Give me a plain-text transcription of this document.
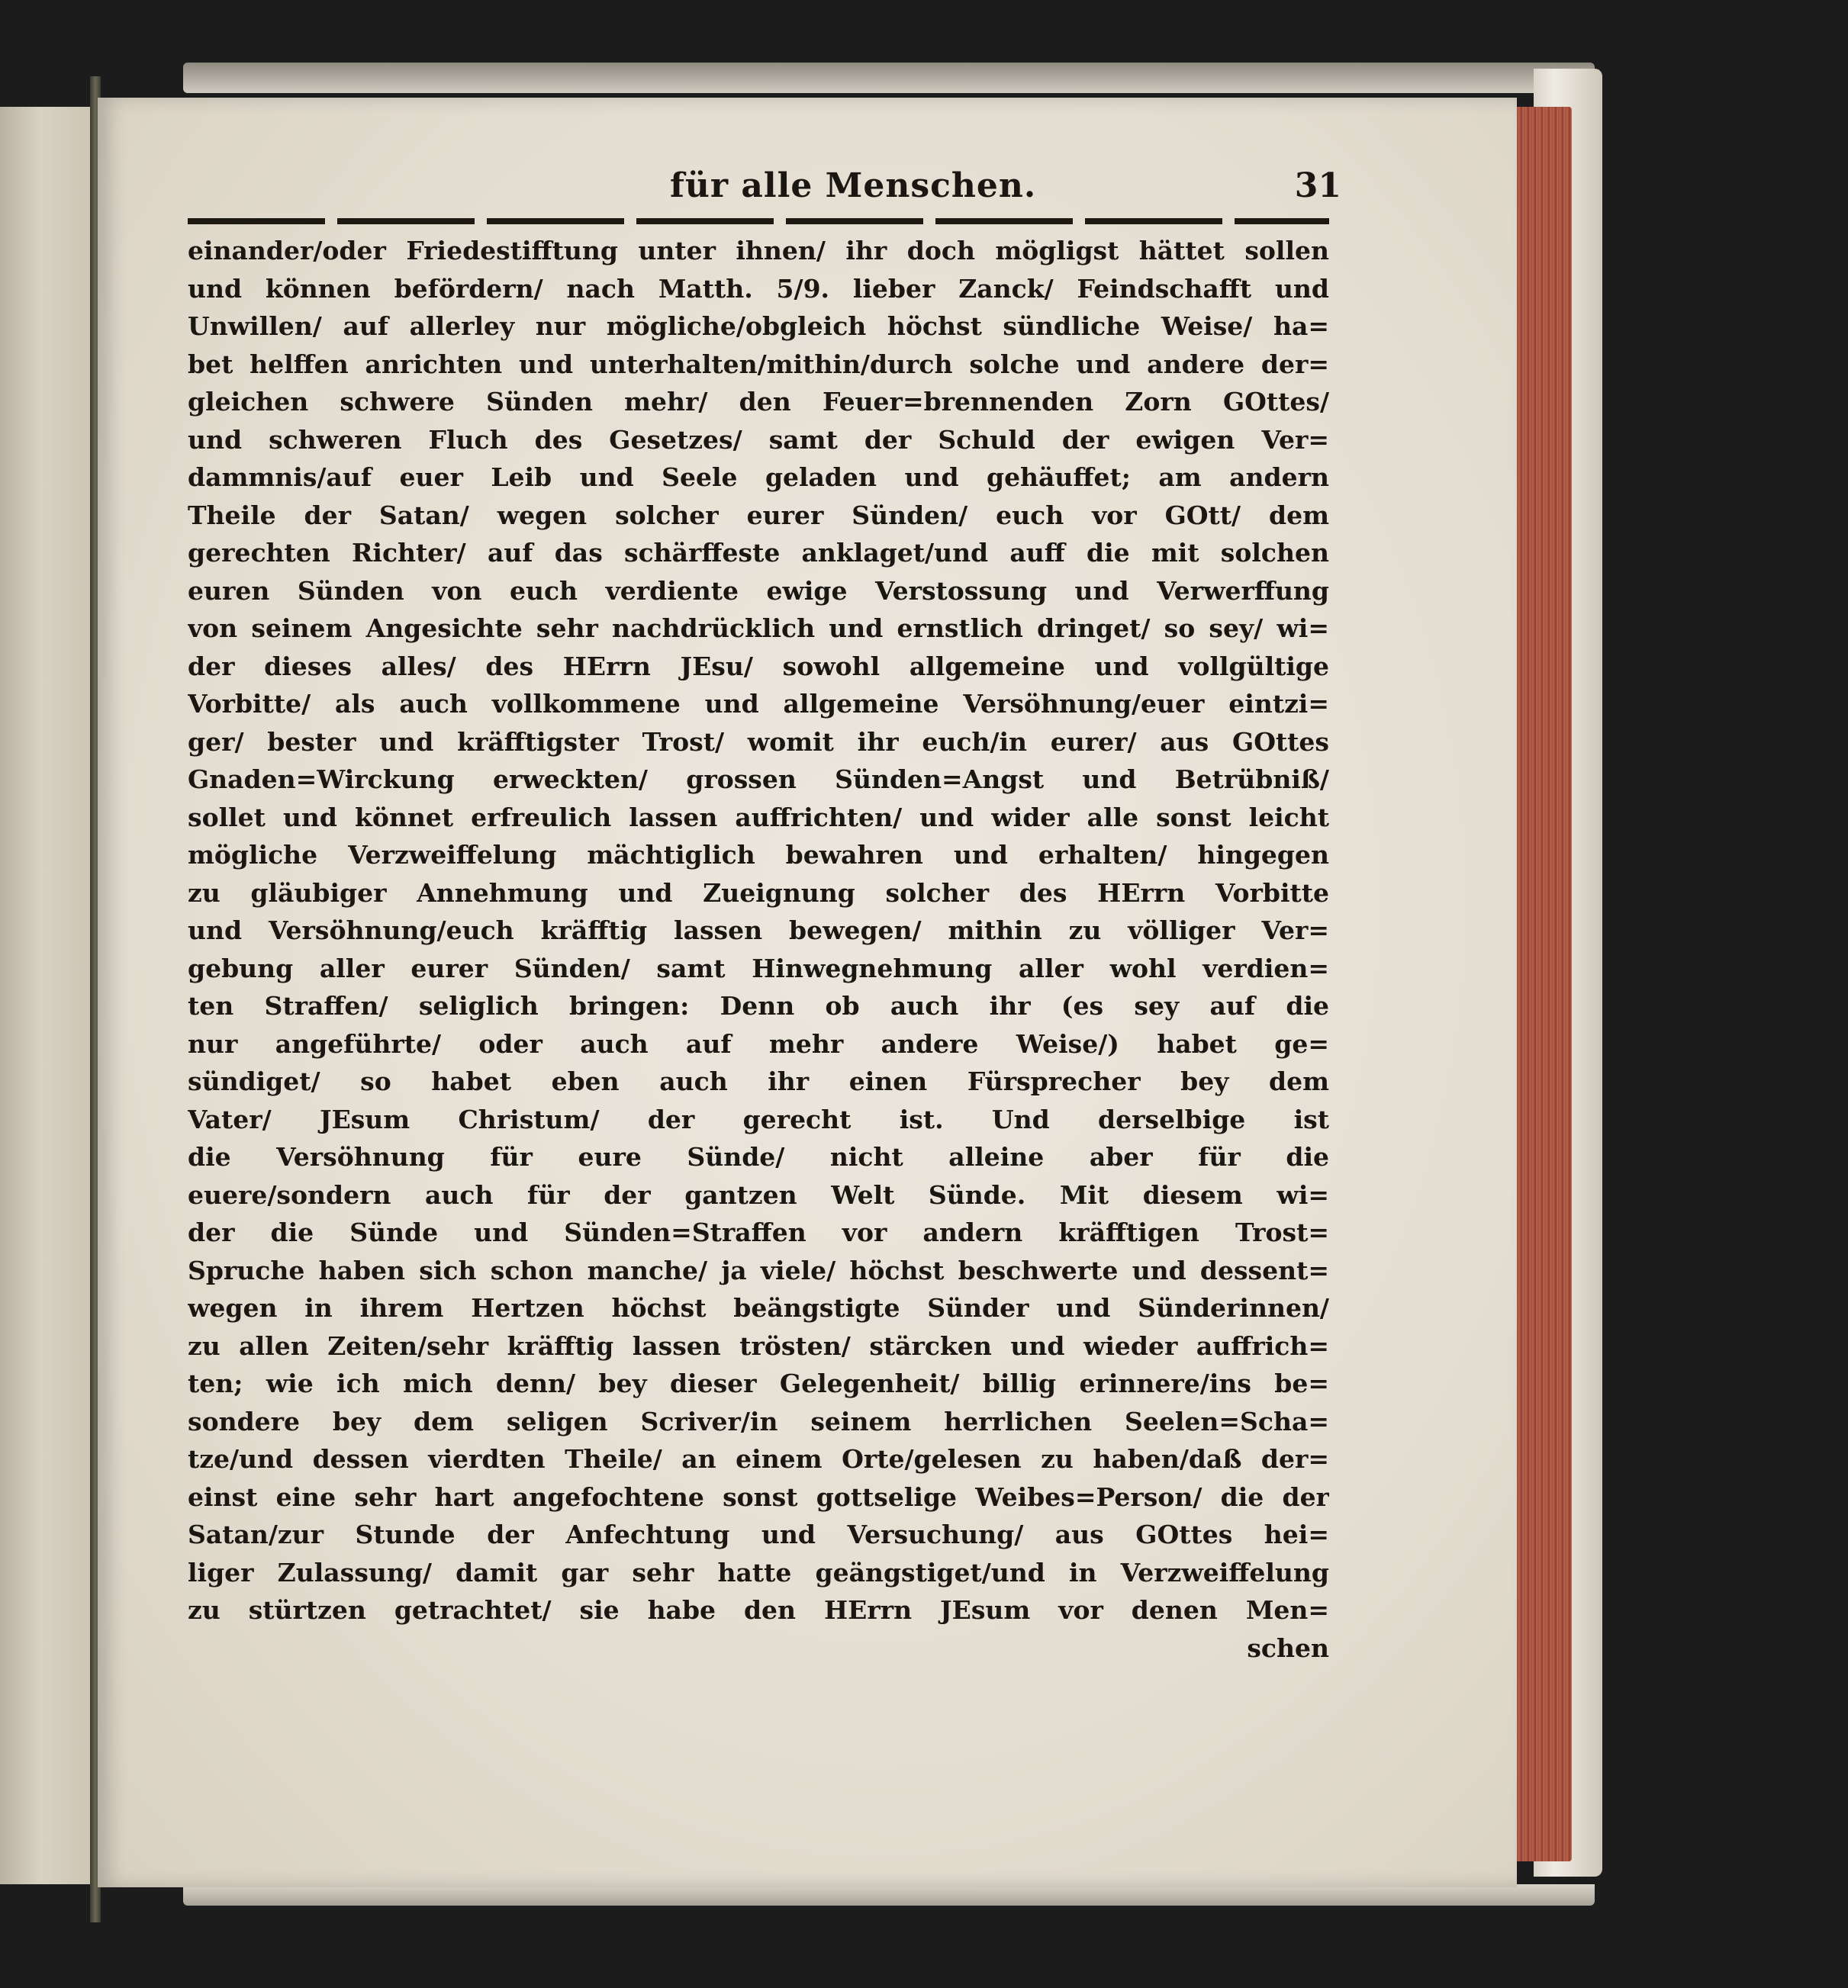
für alle Menschen.	31
einander/oder Friedestifftung unter ihnen/ ihr doch mögligst hättet sollen
und können befördern/ nach Matth. 5/9. lieber Zanck/ Feindschafft und
Unwillen/ auf allerley nur mögliche/obgleich höchst sündliche Weise/ ha=
bet helffen anrichten und unterhalten/mithin/durch solche und andere der=
gleichen schwere Sünden mehr/ den Feuer=brennenden Zorn GOttes/
und schweren Fluch des Gesetzes/ samt der Schuld der ewigen Ver=
dammnis/auf euer Leib und Seele geladen und gehäuffet; am andern
Theile der Satan/ wegen solcher eurer Sünden/ euch vor GOtt/ dem
gerechten Richter/ auf das schärffeste anklaget/und auff die mit solchen
euren Sünden von euch verdiente ewige Verstossung und Verwerffung
von seinem Angesichte sehr nachdrücklich und ernstlich dringet/ so sey/ wi=
der dieses alles/ des HErrn JEsu/ sowohl allgemeine und vollgültige
Vorbitte/ als auch vollkommene und allgemeine Versöhnung/euer eintzi=
ger/ bester und kräfftigster Trost/ womit ihr euch/in eurer/ aus GOttes
Gnaden=Wirckung erweckten/ grossen Sünden=Angst und Betrübniß/
sollet und könnet erfreulich lassen auffrichten/ und wider alle sonst leicht
mögliche Verzweiffelung mächtiglich bewahren und erhalten/ hingegen
zu gläubiger Annehmung und Zueignung solcher des HErrn Vorbitte
und Versöhnung/euch kräfftig lassen bewegen/ mithin zu völliger Ver=
gebung aller eurer Sünden/ samt Hinwegnehmung aller wohl verdien=
ten Straffen/ seliglich bringen: Denn ob auch ihr (es sey auf die
nur angeführte/ oder auch auf mehr andere Weise/) habet ge=
sündiget/ so habet eben auch ihr einen Fürsprecher bey dem
Vater/ JEsum Christum/ der gerecht ist. Und derselbige ist
die Versöhnung für eure Sünde/ nicht alleine aber für die
euere/sondern auch für der gantzen Welt Sünde. Mit diesem wi=
der die Sünde und Sünden=Straffen vor andern kräfftigen Trost=
Spruche haben sich schon manche/ ja viele/ höchst beschwerte und dessent=
wegen in ihrem Hertzen höchst beängstigte Sünder und Sünderinnen/
zu allen Zeiten/sehr kräfftig lassen trösten/ stärcken und wieder auffrich=
ten; wie ich mich denn/ bey dieser Gelegenheit/ billig erinnere/ins be=
sondere bey dem seligen Scriver/in seinem herrlichen Seelen=Scha=
tze/und dessen vierdten Theile/ an einem Orte/gelesen zu haben/daß der=
einst eine sehr hart angefochtene sonst gottselige Weibes=Person/ die der
Satan/zur Stunde der Anfechtung und Versuchung/ aus GOttes hei=
liger Zulassung/ damit gar sehr hatte geängstiget/und in Verzweiffelung
zu stürtzen getrachtet/ sie habe den HErrn JEsum vor denen Men=
schen
